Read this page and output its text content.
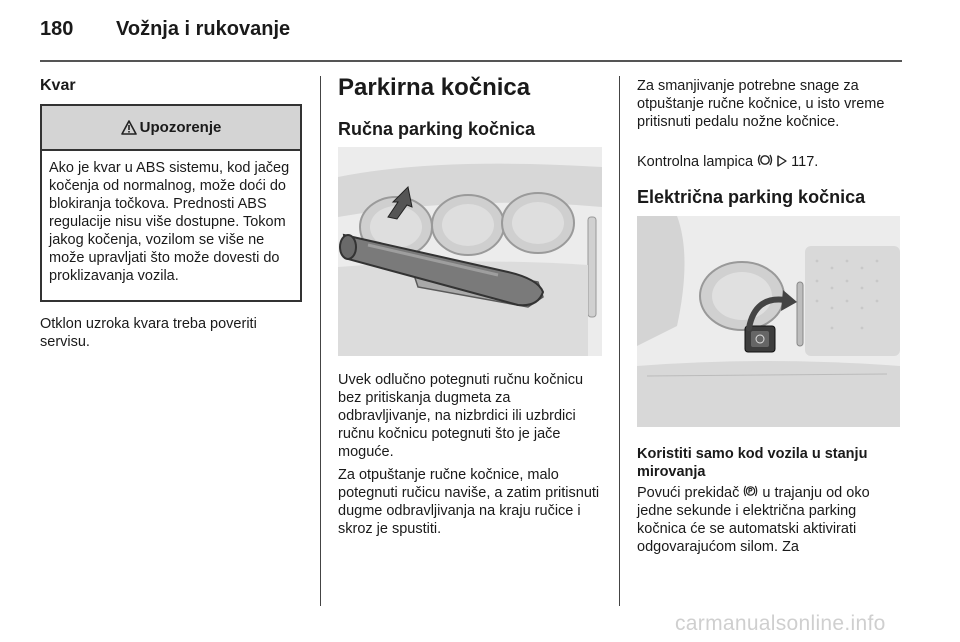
180 Vožnja i rukovanje
Kvar
Upozorenje
Ako je kvar u ABS sistemu, kod jačeg kočenja od normalnog, može doći do blokiranja točkova. Prednosti ABS regulacije nisu više dostupne. Tokom jakog kočenja, vozilom se više ne može upravljati što može dovesti do proklizavanja vozila.

Otklon uzroka kvara treba poveriti servisu.

Parkirna kočnica
Ručna parking kočnica

Uvek odlučno potegnuti ručnu kočnicu bez pritiskanja dugmeta za odbravljivanje, na nizbrdici ili uzbrdici ručnu kočnicu potegnuti što je jače moguće.

Za otpuštanje ručne kočnice, malo potegnuti ručicu naviše, a zatim pritisnuti dugme odbravljivanja na kraju ručice i skroz je spustiti.

Za smanjivanje potrebne snage za otpuštanje ručne kočnice, u isto vreme pritisnuti pedalu nožne kočnice.

Kontrolna lampica	117.

Električna parking kočnica

Koristiti samo kod vozila u stanju mirovanja

Povući prekidač u trajanju od oko jedne sekunde i električna parking kočnica će se automatski aktivirati odgovarajućom silom. Za

carmanualsonline.info
